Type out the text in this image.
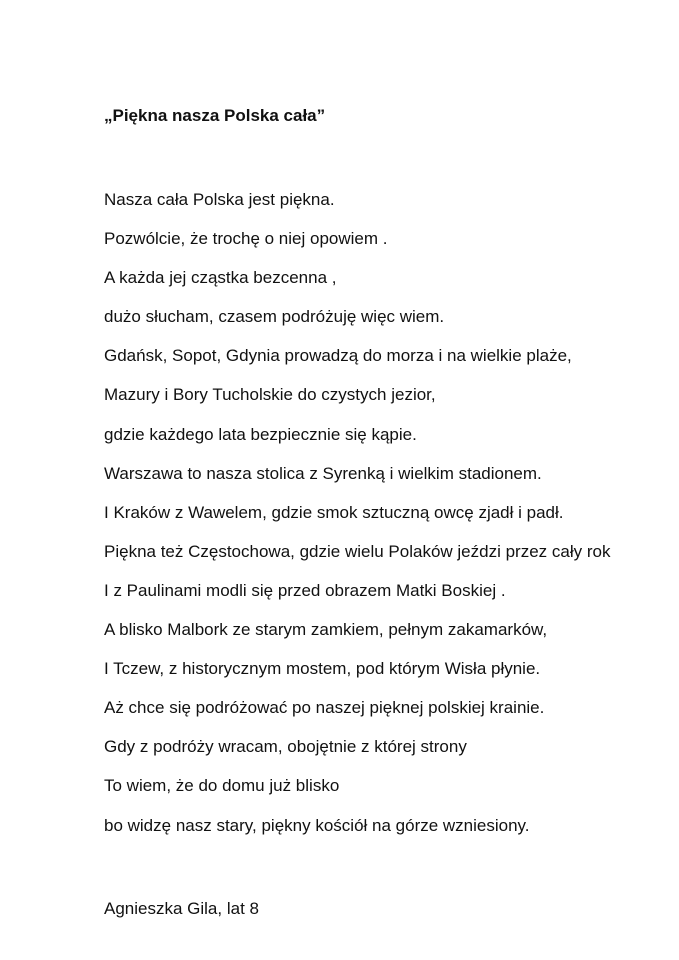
„Piękna nasza Polska cała”
Nasza cała Polska jest piękna.
Pozwólcie, że trochę o niej opowiem .
A każda jej cząstka bezcenna ,
dużo słucham, czasem podróżuję więc wiem.
Gdańsk, Sopot, Gdynia prowadzą do morza i na wielkie plaże,
Mazury i Bory Tucholskie do czystych jezior,
gdzie każdego lata bezpiecznie się kąpie.
Warszawa to nasza stolica z Syrenką i wielkim stadionem.
I Kraków z Wawelem, gdzie smok sztuczną owcę zjadł i padł.
Piękna też Częstochowa, gdzie wielu Polaków jeździ przez cały rok
I z Paulinami modli się przed obrazem Matki Boskiej .
A blisko Malbork ze starym zamkiem, pełnym zakamarków,
I Tczew, z historycznym mostem, pod którym Wisła płynie.
Aż chce się podróżować po naszej pięknej polskiej krainie.
Gdy z podróży wracam, obojętnie z której strony
To wiem, że do domu już blisko
bo widzę nasz stary, piękny kościół na górze wzniesiony.
Agnieszka Gila, lat 8
